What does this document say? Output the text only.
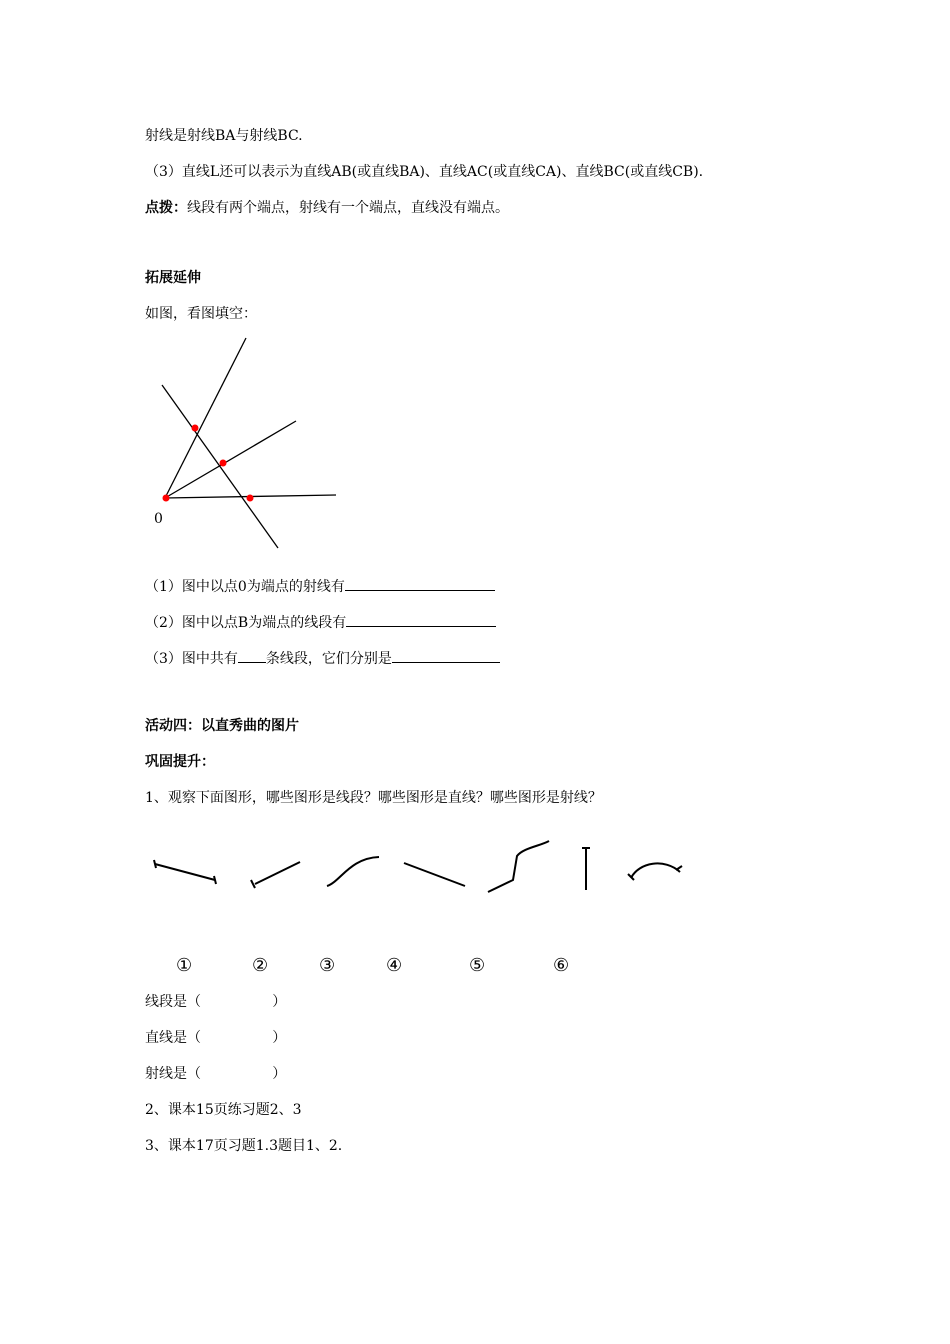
射线是射线BA与射线BC.
（3）直线L还可以表示为直线AB(或直线BA)、直线AC(或直线CA)、直线BC(或直线CB).
点拨：线段有两个端点，射线有一个端点，直线没有端点。
拓展延伸
如图，看图填空：
0
（1）图中以点0为端点的射线有
（2）图中以点B为端点的线段有
（3）图中共有 条线段，它们分别是
活动四：以直秀曲的图片
巩固提升：
1、观察下面图形，哪些图形是线段？哪些图形是直线？哪些图形是射线？
①	②	③	④	⑤	⑥
线段是（                ）
直线是（                ）
射线是（                ）
2、课本15页练习题2、3
3、课本17页习题1.3题目1、2.
